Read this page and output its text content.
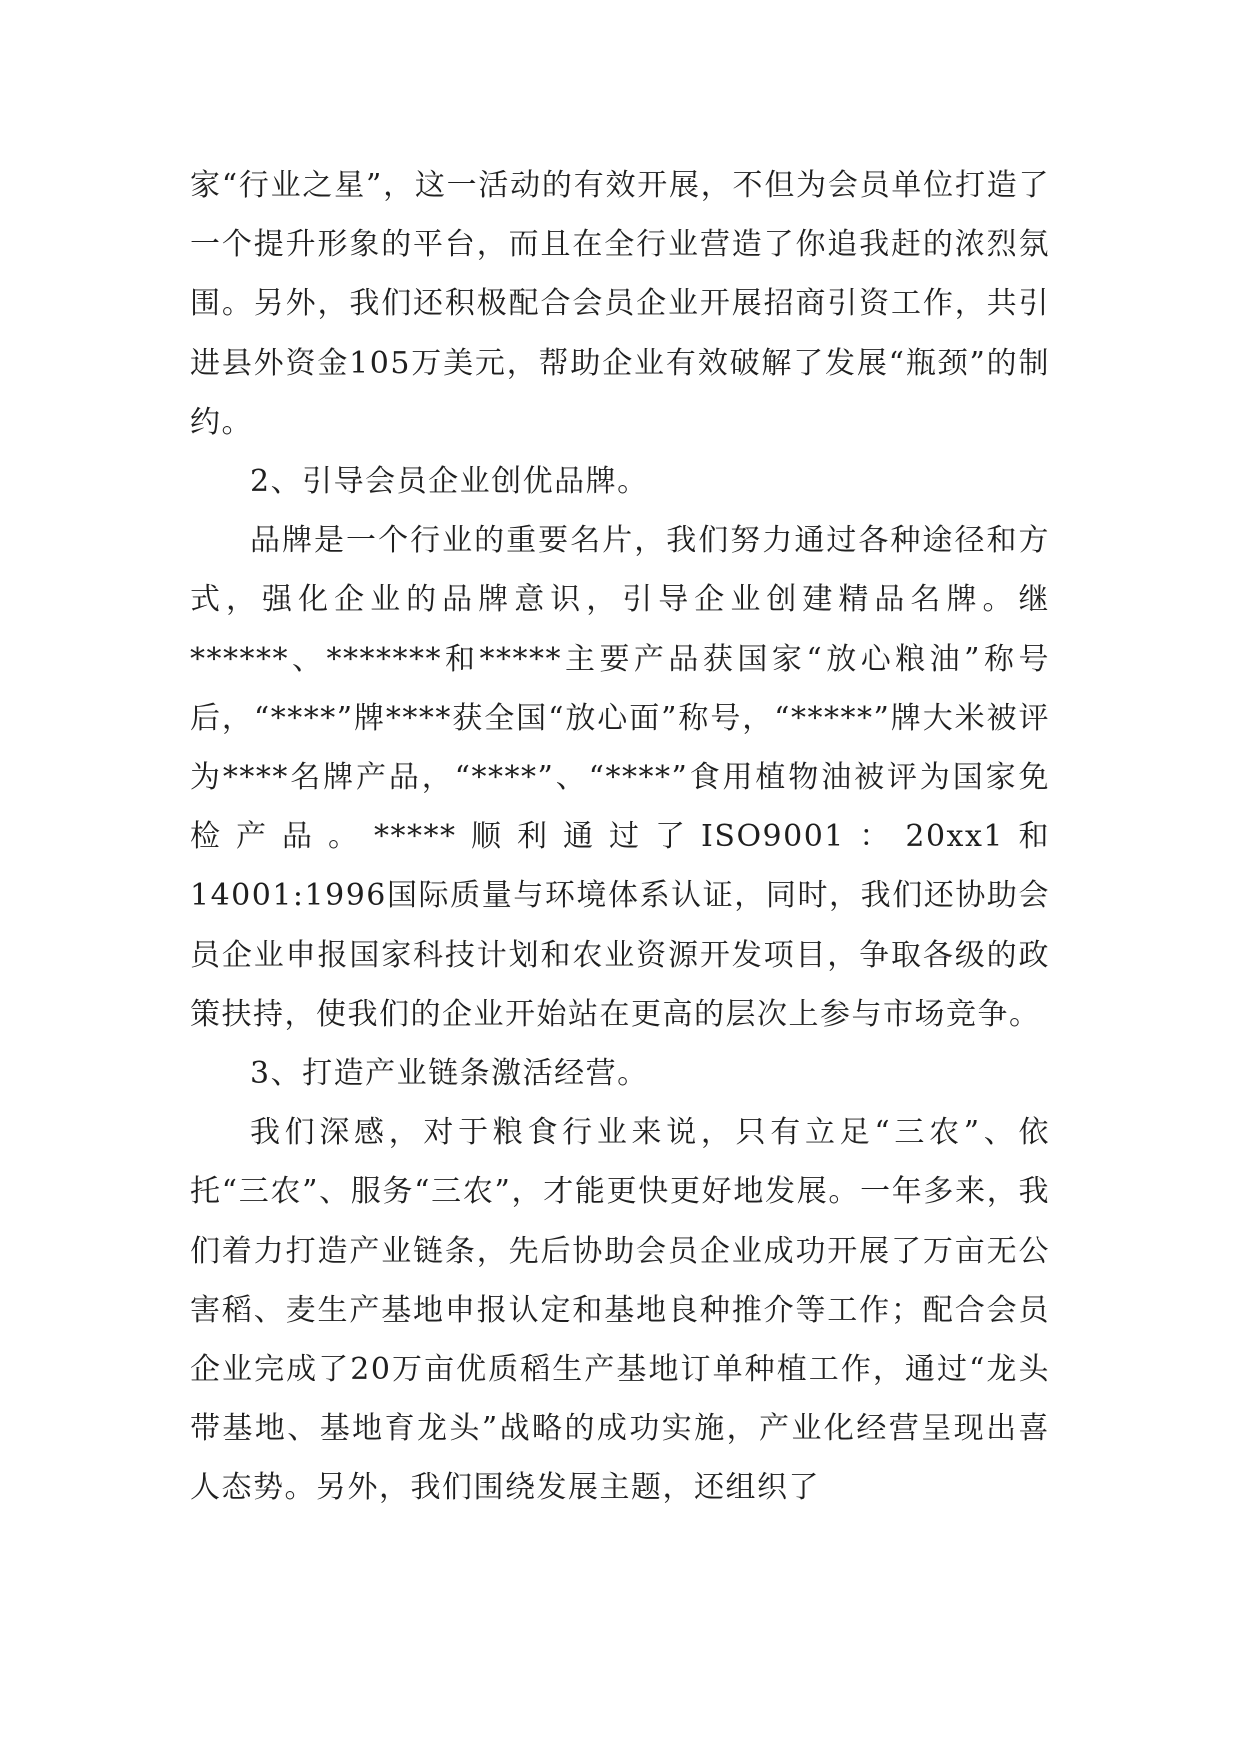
家“行业之星”，这一活动的有效开展，不但为会员单位打造了一个提升形象的平台，而且在全行业营造了你追我赶的浓烈氛围。另外，我们还积极配合会员企业开展招商引资工作，共引进县外资金105万美元，帮助企业有效破解了发展“瓶颈”的制约。

2、引导会员企业创优品牌。

品牌是一个行业的重要名片，我们努力通过各种途径和方式，强化企业的品牌意识，引导企业创建精品名牌。继******、*******和*****主要产品获国家“放心粮油”称号后，“****”牌****获全国“放心面”称号，“*****”牌大米被评为****名牌产品，“****”、“****”食用植物油被评为国家免检产品。*****顺利通过了ISO9001：20xx1和14001:1996国际质量与环境体系认证，同时，我们还协助会员企业申报国家科技计划和农业资源开发项目，争取各级的政策扶持，使我们的企业开始站在更高的层次上参与市场竞争。

3、打造产业链条激活经营。

我们深感，对于粮食行业来说，只有立足“三农”、依托“三农”、服务“三农”，才能更快更好地发展。一年多来，我们着力打造产业链条，先后协助会员企业成功开展了万亩无公害稻、麦生产基地申报认定和基地良种推介等工作；配合会员企业完成了20万亩优质稻生产基地订单种植工作，通过“龙头带基地、基地育龙头”战略的成功实施，产业化经营呈现出喜人态势。另外，我们围绕发展主题，还组织了
